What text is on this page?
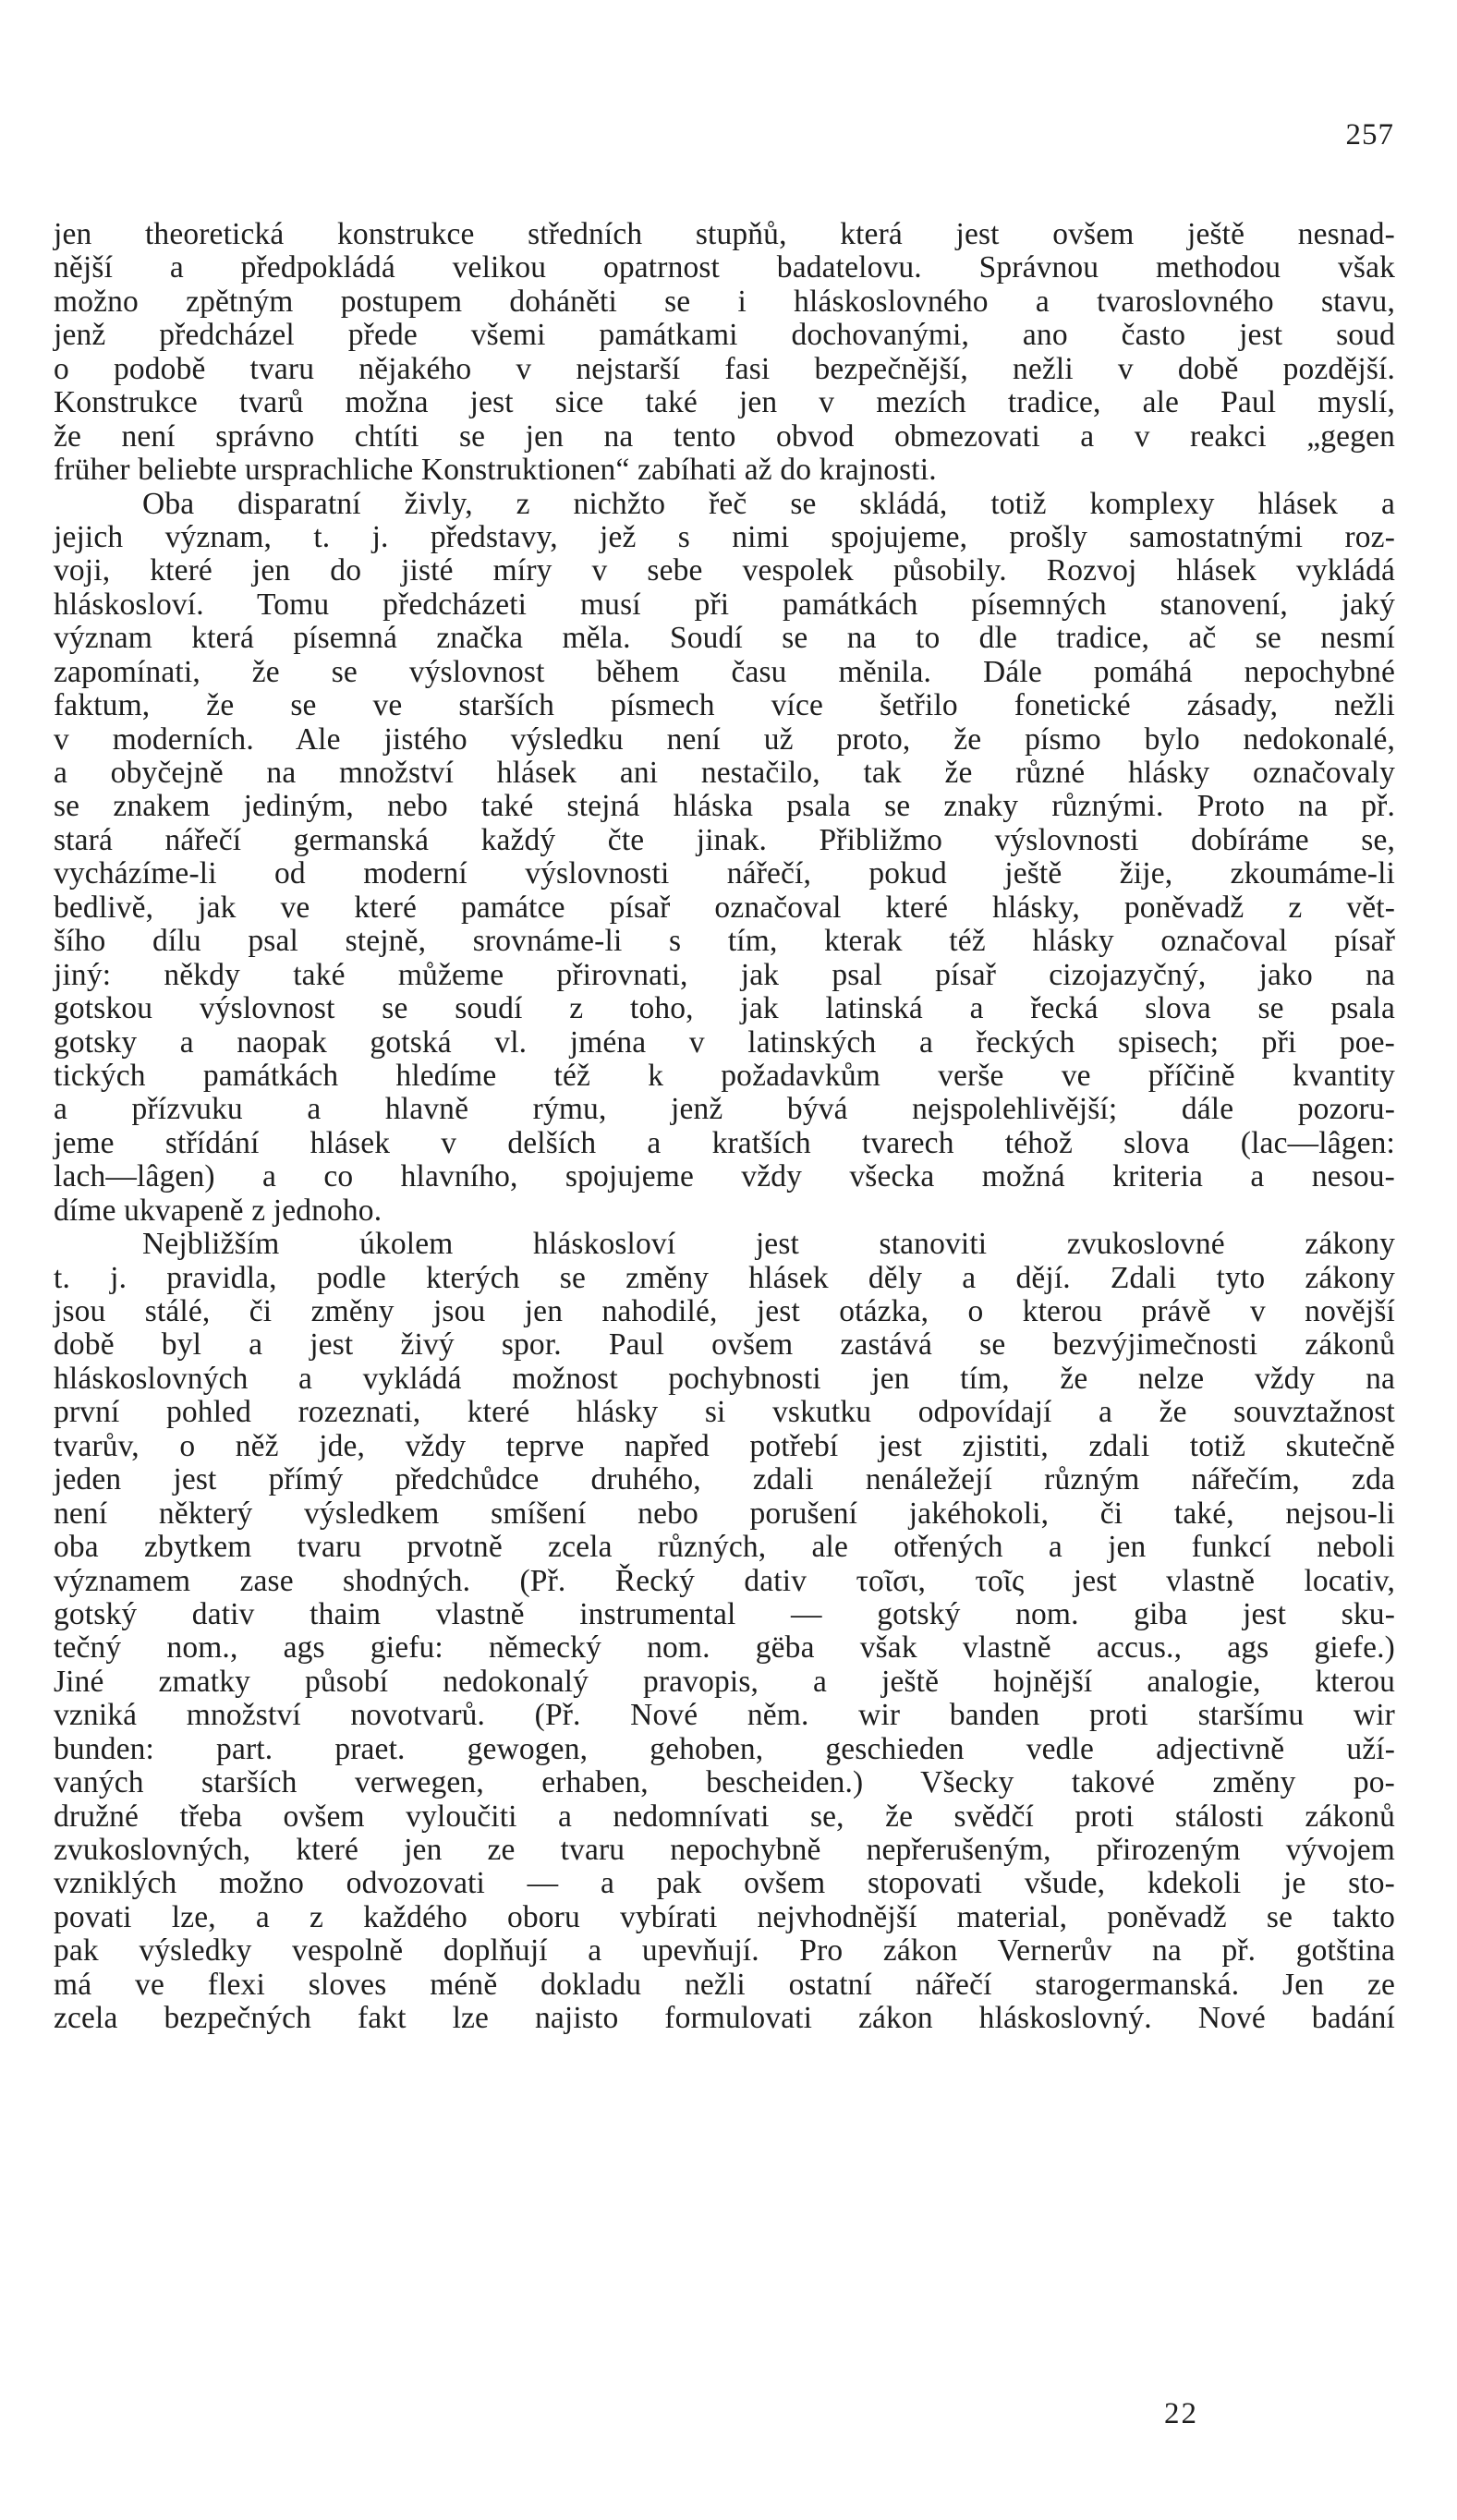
257
jen theoretická konstrukce středních stupňů, která jest ovšem ještě nesnad-
nější a předpokládá velikou opatrnost badatelovu. Správnou methodou však
možno zpětným postupem doháněti se i hláskoslovného a tvaroslovného stavu,
jenž předcházel přede všemi památkami dochovanými, ano často jest soud
o podobě tvaru nějakého v nejstarší fasi bezpečnější, nežli v době pozdější.
Konstrukce tvarů možna jest sice také jen v mezích tradice, ale Paul myslí,
že není správno chtíti se jen na tento obvod obmezovati a v reakci „gegen
früher beliebte ursprachliche Konstruktionen“ zabíhati až do krajnosti.
Oba disparatní živly, z nichžto řeč se skládá, totiž komplexy hlásek a
jejich význam, t. j. představy, jež s nimi spojujeme, prošly samostatnými roz-
voji, které jen do jisté míry v sebe vespolek působily. Rozvoj hlásek vykládá
hláskosloví. Tomu předcházeti musí při památkách písemných stanovení, jaký
význam která písemná značka měla. Soudí se na to dle tradice, ač se nesmí
zapomínati, že se výslovnost během času měnila. Dále pomáhá nepochybné
faktum, že se ve starších písmech více šetřilo fonetické zásady, nežli
v moderních. Ale jistého výsledku není už proto, že písmo bylo nedokonalé,
a obyčejně na množství hlásek ani nestačilo, tak že různé hlásky označovaly
se znakem jediným, nebo také stejná hláska psala se znaky různými. Proto na př.
stará nářečí germanská každý čte jinak. Přibližmo výslovnosti dobíráme se,
vycházíme-li od moderní výslovnosti nářečí, pokud ještě žije, zkoumáme-li
bedlivě, jak ve které památce písař označoval které hlásky, poněvadž z vět-
šího dílu psal stejně, srovnáme-li s tím, kterak též hlásky označoval písař
jiný: někdy také můžeme přirovnati, jak psal písař cizojazyčný, jako na
gotskou výslovnost se soudí z toho, jak latinská a řecká slova se psala
gotsky a naopak gotská vl. jména v latinských a řeckých spisech; při poe-
tických památkách hledíme též k požadavkům verše ve příčině kvantity
a přízvuku a hlavně rýmu, jenž bývá nejspolehlivější; dále pozoru-
jeme střídání hlásek v delších a kratších tvarech téhož slova (lac—lâgen:
lach—lâgen) a co hlavního, spojujeme vždy všecka možná kriteria a nesou-
díme ukvapeně z jednoho.
Nejbližším úkolem hláskosloví jest stanoviti zvukoslovné zákony
t. j. pravidla, podle kterých se změny hlásek děly a dějí. Zdali tyto zákony
jsou stálé, či změny jsou jen nahodilé, jest otázka, o kterou právě v novější
době byl a jest živý spor. Paul ovšem zastává se bezvýjimečnosti zákonů
hláskoslovných a vykládá možnost pochybnosti jen tím, že nelze vždy na
první pohled rozeznati, které hlásky si vskutku odpovídají a že souvztažnost
tvarův, o něž jde, vždy teprve napřed potřebí jest zjistiti, zdali totiž skutečně
jeden jest přímý předchůdce druhého, zdali nenáležejí různým nářečím, zda
není některý výsledkem smíšení nebo porušení jakéhokoli, či také, nejsou-li
oba zbytkem tvaru prvotně zcela různých, ale otřených a jen funkcí neboli
významem zase shodných. (Př. Řecký dativ τοῖσι, τοῖς jest vlastně locativ,
gotský dativ thaim vlastně instrumental — gotský nom. giba jest sku-
tečný nom., ags giefu: německý nom. gëba však vlastně accus., ags giefe.)
Jiné zmatky působí nedokonalý pravopis, a ještě hojnější analogie, kterou
vzniká množství novotvarů. (Př. Nové něm. wir banden proti staršímu wir
bunden: part. praet. gewogen, gehoben, geschieden vedle adjectivně uží-
vaných starších verwegen, erhaben, bescheiden.) Všecky takové změny po-
družné třeba ovšem vyloučiti a nedomnívati se, že svědčí proti stálosti zákonů
zvukoslovných, které jen ze tvaru nepochybně nepřerušeným, přirozeným vývojem
vzniklých možno odvozovati — a pak ovšem stopovati všude, kdekoli je sto-
povati lze, a z každého oboru vybírati nejvhodnější material, poněvadž se takto
pak výsledky vespolně doplňují a upevňují. Pro zákon Vernerův na př. gotština
má ve flexi sloves méně dokladu nežli ostatní nářečí starogermanská. Jen ze
zcela bezpečných fakt lze najisto formulovati zákon hláskoslovný. Nové badání
22
